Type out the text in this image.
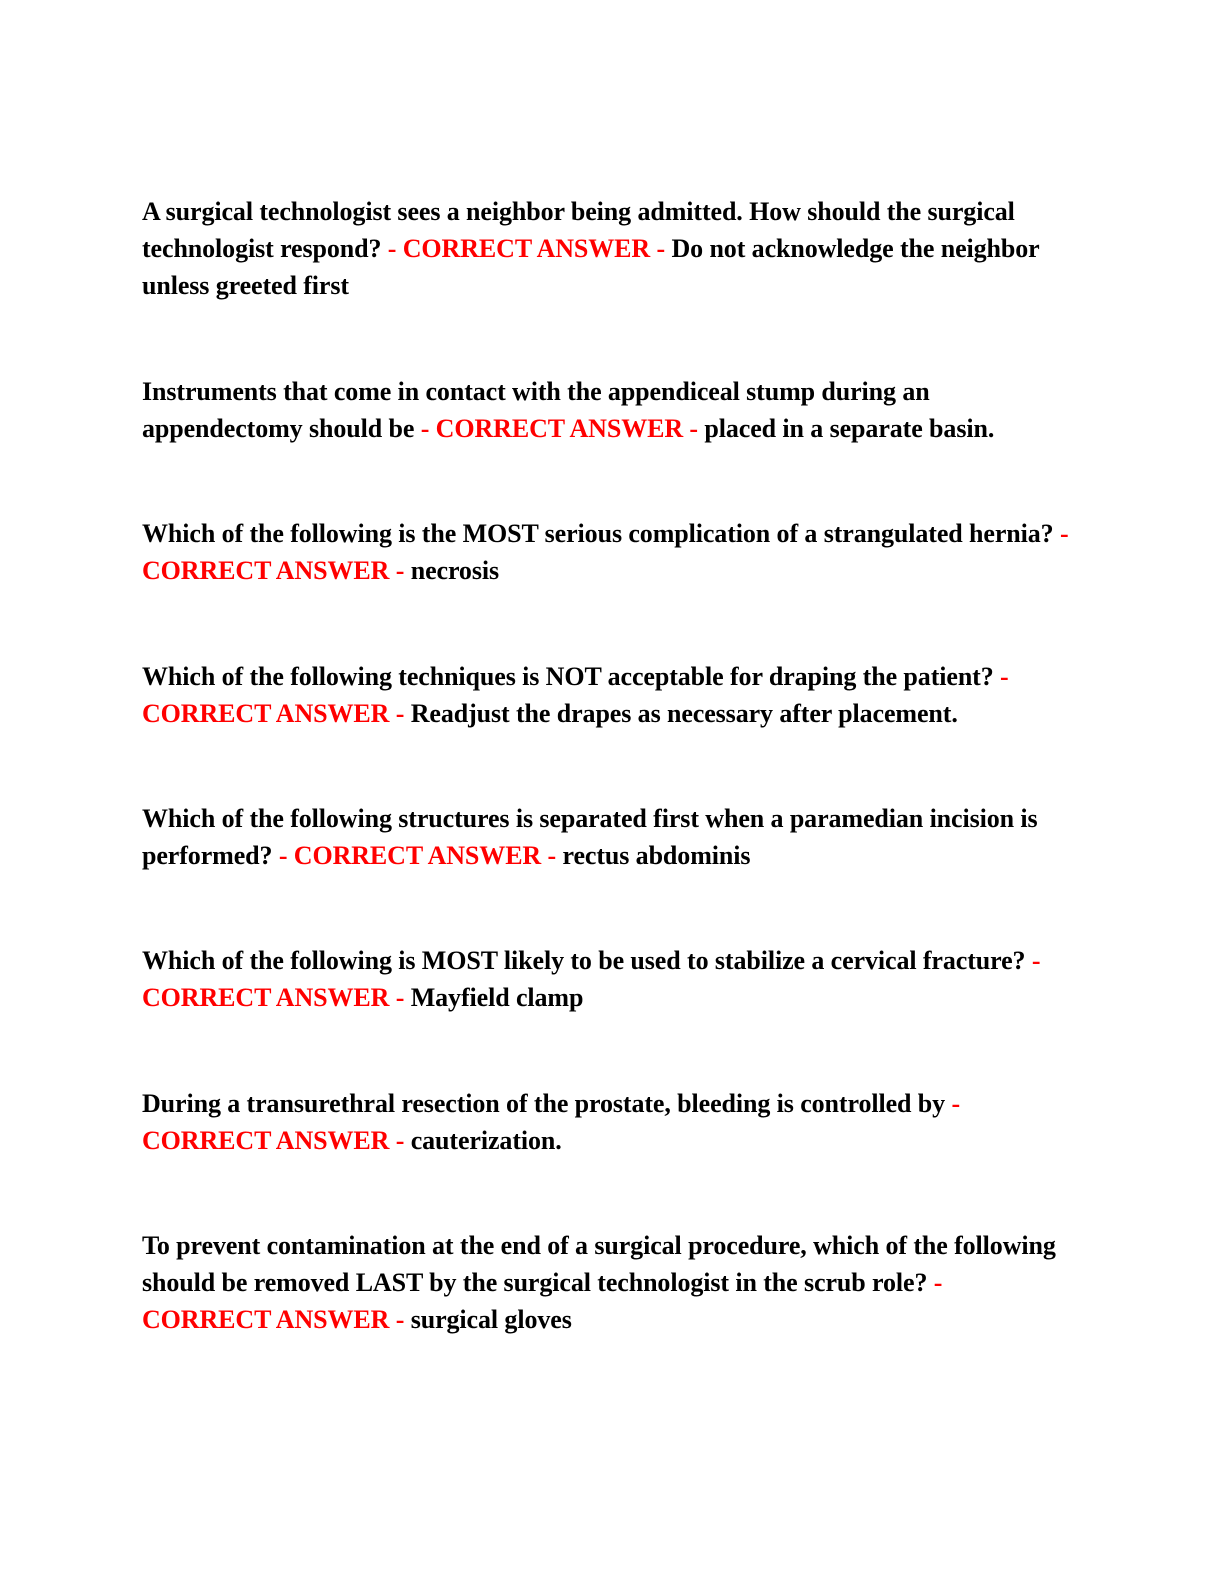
A surgical technologist sees a neighbor being admitted. How should the surgical technologist respond? - CORRECT ANSWER - Do not acknowledge the neighbor unless greeted first

Instruments that come in contact with the appendiceal stump during an appendectomy should be - CORRECT ANSWER - placed in a separate basin.

Which of the following is the MOST serious complication of a strangulated hernia? - CORRECT ANSWER - necrosis

Which of the following techniques is NOT acceptable for draping the patient? - CORRECT ANSWER - Readjust the drapes as necessary after placement.

Which of the following structures is separated first when a paramedian incision is performed? - CORRECT ANSWER - rectus abdominis

Which of the following is MOST likely to be used to stabilize a cervical fracture? - CORRECT ANSWER - Mayfield clamp

During a transurethral resection of the prostate, bleeding is controlled by - CORRECT ANSWER - cauterization.

To prevent contamination at the end of a surgical procedure, which of the following should be removed LAST by the surgical technologist in the scrub role? - CORRECT ANSWER - surgical gloves
